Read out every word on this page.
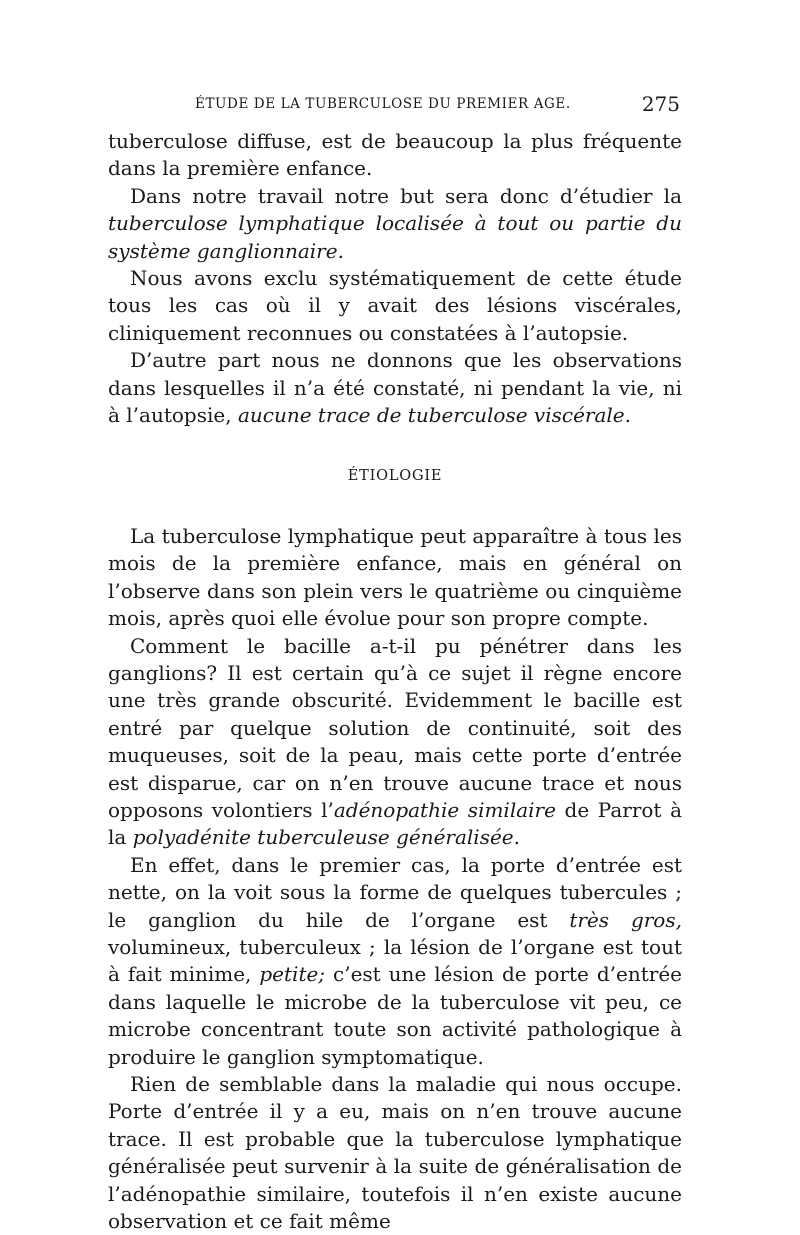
ÉTUDE DE LA TUBERCULOSE DU PREMIER AGE.	275

tuberculose diffuse, est de beaucoup la plus fréquente dans la première enfance.

Dans notre travail notre but sera donc d’étudier la tuberculose lymphatique localisée à tout ou partie du système ganglionnaire.

Nous avons exclu systématiquement de cette étude tous les cas où il y avait des lésions viscérales, cliniquement reconnues ou constatées à l’autopsie.

D’autre part nous ne donnons que les observations dans lesquelles il n’a été constaté, ni pendant la vie, ni à l’autopsie, aucune trace de tuberculose viscérale.

ÉTIOLOGIE

La tuberculose lymphatique peut apparaître à tous les mois de la première enfance, mais en général on l’observe dans son plein vers le quatrième ou cinquième mois, après quoi elle évolue pour son propre compte.

Comment le bacille a-t-il pu pénétrer dans les ganglions? Il est certain qu’à ce sujet il règne encore une très grande obscurité. Evidemment le bacille est entré par quelque solution de continuité, soit des muqueuses, soit de la peau, mais cette porte d’entrée est disparue, car on n’en trouve aucune trace et nous opposons volontiers l’adénopathie similaire de Parrot à la polyadénite tuberculeuse généralisée.

En effet, dans le premier cas, la porte d’entrée est nette, on la voit sous la forme de quelques tubercules ; le ganglion du hile de l’organe est très gros, volumineux, tuberculeux ; la lésion de l’organe est tout à fait minime, petite; c’est une lésion de porte d’entrée dans laquelle le microbe de la tuberculose vit peu, ce microbe concentrant toute son activité pathologique à produire le ganglion symptomatique.

Rien de semblable dans la maladie qui nous occupe. Porte d’entrée il y a eu, mais on n’en trouve aucune trace. Il est probable que la tuberculose lymphatique généralisée peut survenir à la suite de généralisation de l’adénopathie similaire, toutefois il n’en existe aucune observation et ce fait même
